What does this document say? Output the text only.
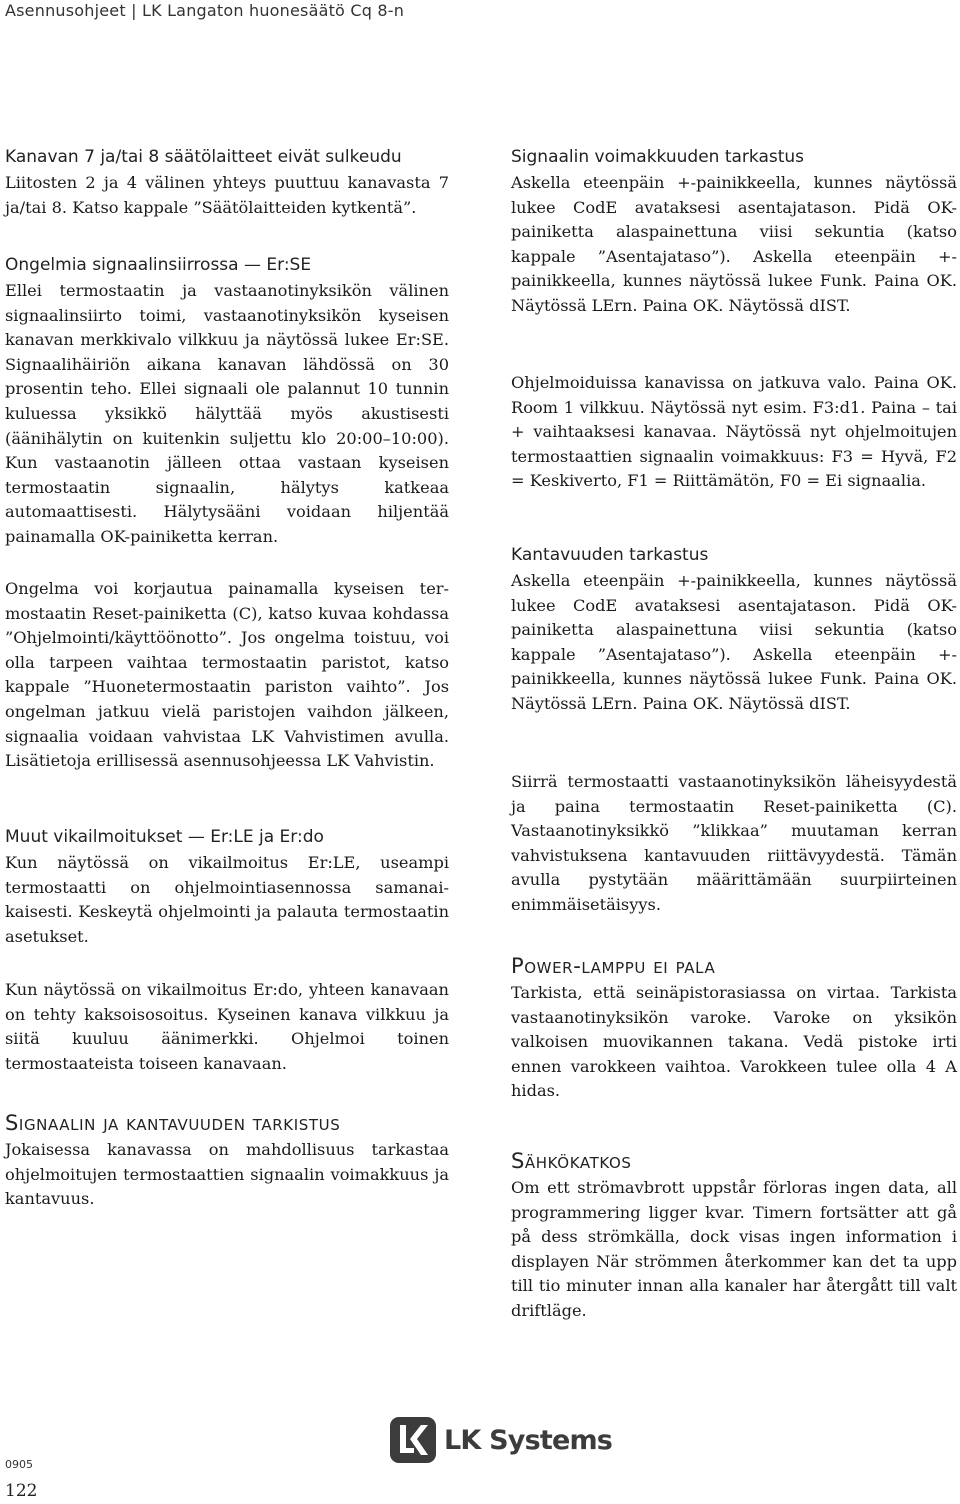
Asennusohjeet | LK Langaton huonesäätö Cq 8-n
Kanavan 7 ja/tai 8 säätölaitteet eivät sulkeudu

Liitosten 2 ja 4 välinen yhteys puuttuu kanavasta 7 ja/tai 8. Katso kappale ”Säätölaitteiden kytkentä”.

Ongelmia signaalinsiirrossa — Er:SE

Ellei termostaatin ja vastaanotinyksikön välinen signaalinsiirto toimi, vastaanotinyksikön kyseisen kanavan merkkivalo vilkkuu ja näytössä lukee Er:SE. Signaalihäiriön aikana kanavan lähdössä on 30 prosentin teho. Ellei signaali ole palannut 10 tunnin kuluessa yksikkö hälyttää myös akustisesti (äänihälytin on kuitenkin suljettu klo 20:00–10:00). Kun vastaanotin jälleen ottaa vastaan kyseisen termostaatin signaalin, hälytys katkeaa automaattisesti. Hälytysääni voidaan hiljentää painamalla OK-painiketta kerran.

Ongelma voi korjautua painamalla kyseisen termostaatin Reset-painiketta (C), katso kuvaa kohdassa ”Ohjelmointi/käyttöönotto”. Jos ongelma toistuu, voi olla tarpeen vaihtaa termostaatin paristot, katso kappale ”Huonetermostaatin pariston vaihto”. Jos ongelman jatkuu vielä paristojen vaihdon jälkeen, signaalia voidaan vahvistaa LK Vahvistimen avulla. Lisätietoja erillisessä asennusohjeessa LK Vahvistin.

Muut vikailmoitukset — Er:LE ja Er:do

Kun näytössä on vikailmoitus Er:LE, useampi termostaatti on ohjelmointiasennossa samanaikaisesti. Keskeytä ohjelmointi ja palauta termostaatin asetukset.

Kun näytössä on vikailmoitus Er:do, yhteen kanavaan on tehty kaksoisosoitus. Kyseinen kanava vilkkuu ja siitä kuuluu äänimerkki. Ohjelmoi toinen termostaateista toiseen kanavaan.

Signaalin ja kantavuuden tarkistus

Jokaisessa kanavassa on mahdollisuus tarkastaa ohjelmoitujen termostaattien signaalin voimakkuus ja kantavuus.

Signaalin voimakkuuden tarkastus

Askella eteenpäin +-painikkeella, kunnes näytössä lukee CodE avataksesi asentajatason. Pidä OK-painiketta alaspainettuna viisi sekuntia (katso kappale ”Asentajataso”). Askella eteenpäin +-painikkeella, kunnes näytössä lukee Funk. Paina OK. Näytössä LErn. Paina OK. Näytössä dIST.

Ohjelmoiduissa kanavissa on jatkuva valo. Paina OK. Room 1 vilkkuu. Näytössä nyt esim. F3:d1. Paina – tai + vaihtaaksesi kanavaa. Näytössä nyt ohjelmoitujen termostaattien signaalin voimakkuus: F3 = Hyvä, F2 = Keskiverto, F1 = Riittämätön, F0 = Ei signaalia.

Kantavuuden tarkastus

Askella eteenpäin +-painikkeella, kunnes näytössä lukee CodE avataksesi asentajatason. Pidä OK-painiketta alaspainettuna viisi sekuntia (katso kappale ”Asentajataso”). Askella eteenpäin +-painikkeella, kunnes näytössä lukee Funk. Paina OK. Näytössä LErn. Paina OK. Näytössä dIST.

Siirrä termostaatti vastaanotinyksikön läheisyydestä ja paina termostaatin Reset-painiketta (C). Vastaanotinyksikkö ”klikkaa” muutaman kerran vahvistuksena kantavuuden riittävyydestä. Tämän avulla pystytään määrittämään suurpiirteinen enimmäisetäisyys.

Power-lamppu ei pala

Tarkista, että seinäpistorasiassa on virtaa. Tarkista vastaanotinyksikön varoke. Varoke on yksikön valkoisen muovikannen takana. Vedä pistoke irti ennen varokkeen vaihtoa. Varokkeen tulee olla 4 A hidas.

Sähkökatkos

Om ett strömavbrott uppstår förloras ingen data, all programmering ligger kvar. Timern fortsätter att gå på dess strömkälla, dock visas ingen information i displayen När strömmen återkommer kan det ta upp till tio minuter innan alla kanaler har återgått till valt driftläge.

LK Systems
0905
122
